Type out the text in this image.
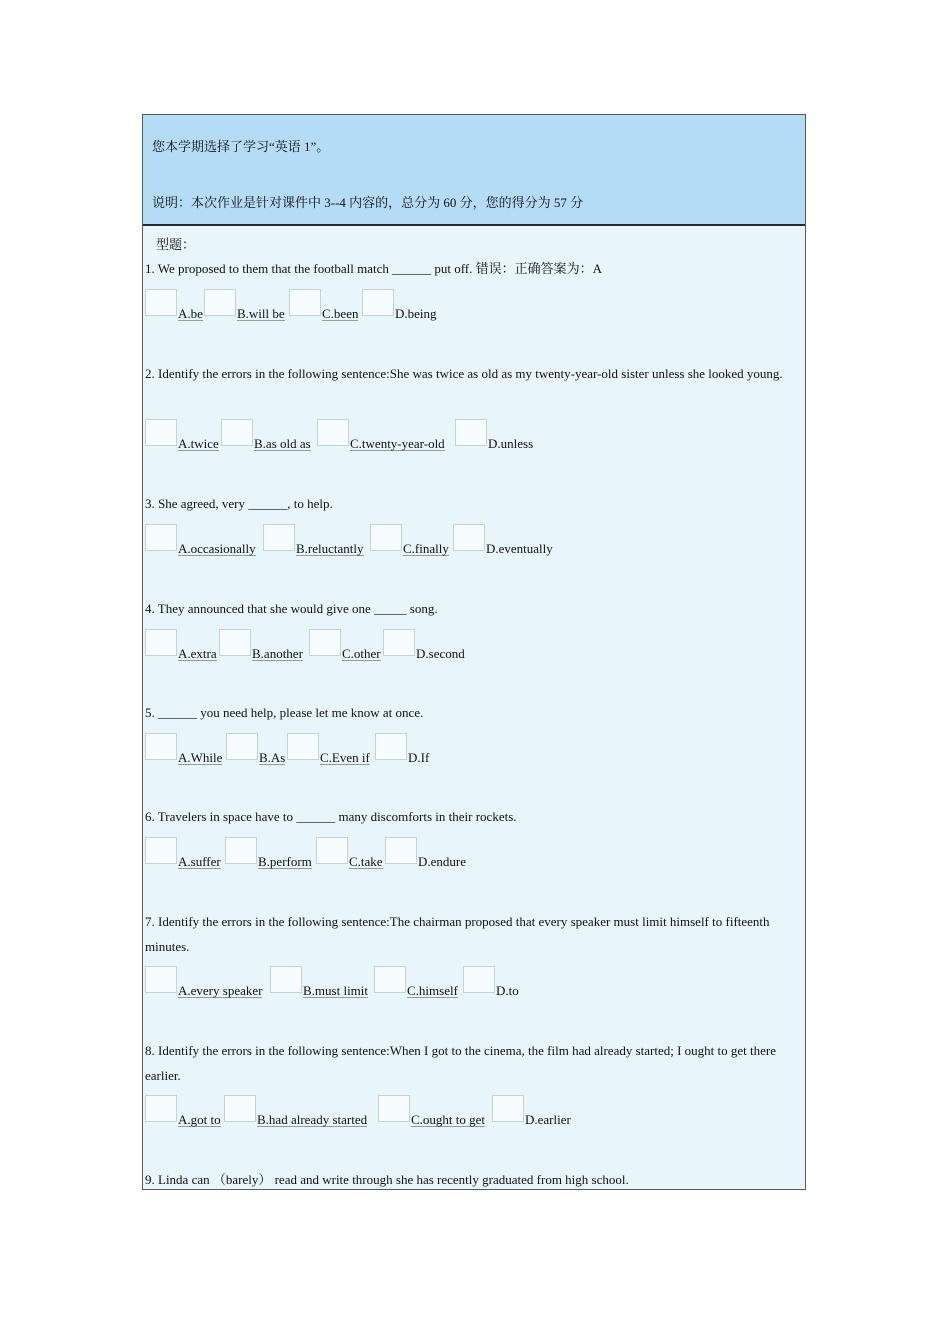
您本学期选择了学习“英语 1”。
说明：本次作业是针对课件中 3--4 内容的，总分为 60 分，您的得分为 57 分
型题：
1. We proposed to them that the football match ______ put off. 错误：正确答案为：A
A.be	B.will be	C.been	D.being
2. Identify the errors in the following sentence:She was twice as old as my twenty-year-old sister unless she looked young.
A.twice	B.as old as	C.twenty-year-old	D.unless
3. She agreed, very ______, to help.
A.occasionally	B.reluctantly	C.finally	D.eventually
4. They announced that she would give one _____ song.
A.extra	B.another	C.other	D.second
5. ______ you need help, please let me know at once.
A.While	B.As	C.Even if	D.If
6. Travelers in space have to ______ many discomforts in their rockets.
A.suffer	B.perform	C.take	D.endure
7. Identify the errors in the following sentence:The chairman proposed that every speaker must limit himself to fifteenth minutes.
A.every speaker	B.must limit	C.himself	D.to
8. Identify the errors in the following sentence:When I got to the cinema, the film had already started; I ought to get there earlier.
A.got to	B.had already started	C.ought to get	D.earlier
9. Linda can （barely） read and write through she has recently graduated from high school.
